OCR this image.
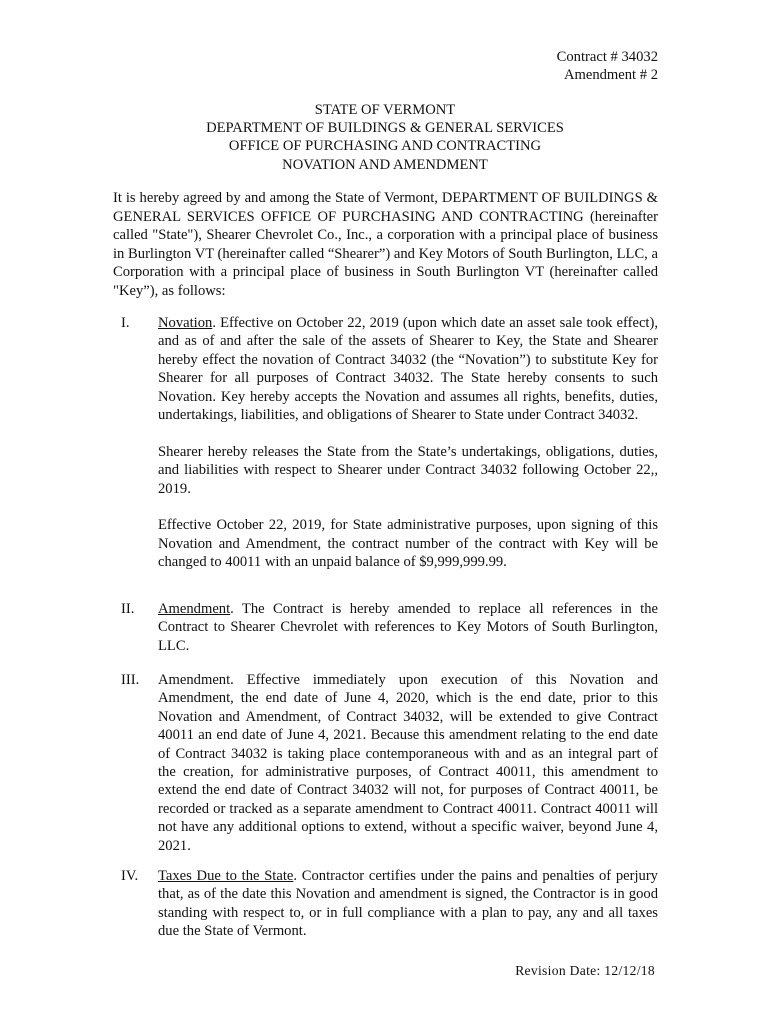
Contract # 34032
Amendment # 2
STATE OF VERMONT
DEPARTMENT OF BUILDINGS & GENERAL SERVICES
OFFICE OF PURCHASING AND CONTRACTING
NOVATION AND AMENDMENT
It is hereby agreed by and among the State of Vermont, DEPARTMENT OF BUILDINGS & GENERAL SERVICES OFFICE OF PURCHASING AND CONTRACTING (hereinafter called "State"), Shearer Chevrolet Co., Inc., a corporation with a principal place of business in Burlington VT (hereinafter called “Shearer”) and Key Motors of South Burlington, LLC, a Corporation with a principal place of business in South Burlington VT (hereinafter called "Key”), as follows:
I.	Novation. Effective on October 22, 2019 (upon which date an asset sale took effect), and as of and after the sale of the assets of Shearer to Key, the State and Shearer hereby effect the novation of Contract 34032 (the “Novation”) to substitute Key for Shearer for all purposes of Contract 34032. The State hereby consents to such Novation. Key hereby accepts the Novation and assumes all rights, benefits, duties, undertakings, liabilities, and obligations of Shearer to State under Contract 34032.

Shearer hereby releases the State from the State’s undertakings, obligations, duties, and liabilities with respect to Shearer under Contract 34032 following October 22,, 2019.

Effective October 22, 2019, for State administrative purposes, upon signing of this Novation and Amendment, the contract number of the contract with Key will be changed to 40011 with an unpaid balance of $9,999,999.99.

II.	Amendment. The Contract is hereby amended to replace all references in the Contract to Shearer Chevrolet with references to Key Motors of South Burlington, LLC.

III.	Amendment. Effective immediately upon execution of this Novation and Amendment, the end date of June 4, 2020, which is the end date, prior to this Novation and Amendment, of Contract 34032, will be extended to give Contract 40011 an end date of June 4, 2021. Because this amendment relating to the end date of Contract 34032 is taking place contemporaneous with and as an integral part of the creation, for administrative purposes, of Contract 40011, this amendment to extend the end date of Contract 34032 will not, for purposes of Contract 40011, be recorded or tracked as a separate amendment to Contract 40011. Contract 40011 will not have any additional options to extend, without a specific waiver, beyond June 4, 2021.

IV.	Taxes Due to the State. Contractor certifies under the pains and penalties of perjury that, as of the date this Novation and amendment is signed, the Contractor is in good standing with respect to, or in full compliance with a plan to pay, any and all taxes due the State of Vermont.

Revision Date: 12/12/18
